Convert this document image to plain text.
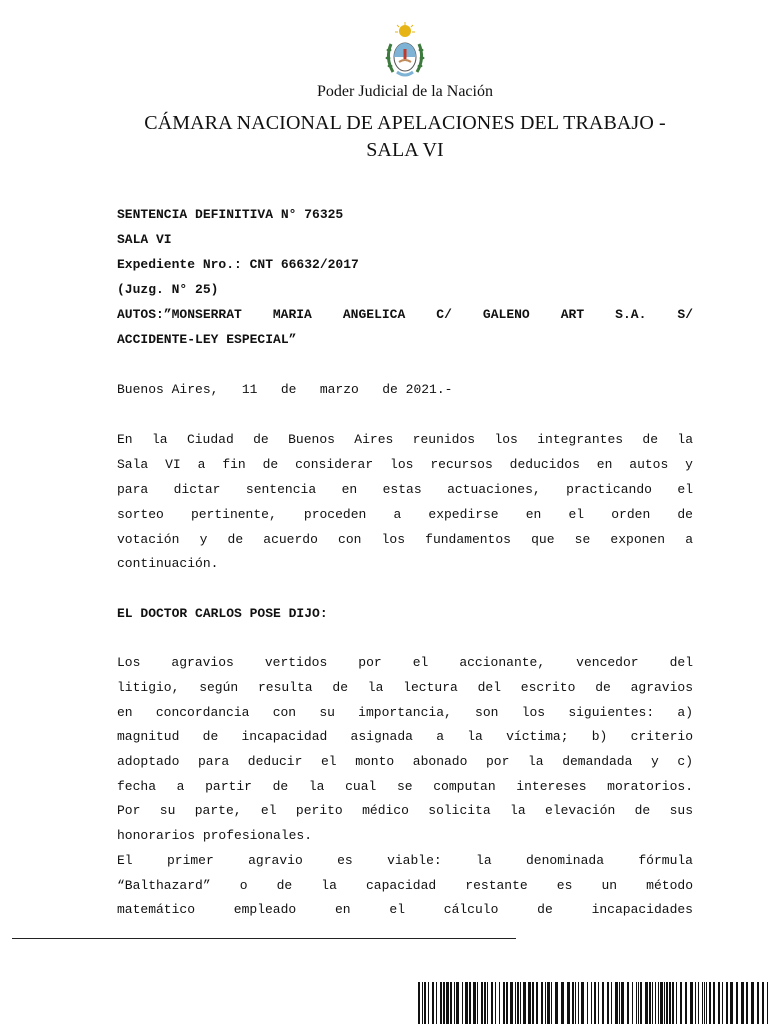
Poder Judicial de la Nación
CÁMARA NACIONAL DE APELACIONES DEL TRABAJO -
SALA VI
SENTENCIA DEFINITIVA N° 76325
SALA VI
Expediente Nro.: CNT 66632/2017
(Juzg. N° 25)
AUTOS:”MONSERRAT MARIA ANGELICA C/ GALENO ART S.A. S/
ACCIDENTE-LEY ESPECIAL”
Buenos Aires,   11   de   marzo   de 2021.-
En la Ciudad de Buenos Aires reunidos los integrantes de la
Sala VI a fin de considerar los recursos deducidos en autos y
para dictar sentencia en estas actuaciones, practicando el
sorteo pertinente, proceden a expedirse en el orden de
votación y de acuerdo con los fundamentos que se exponen a
continuación.
EL DOCTOR CARLOS POSE DIJO:
Los agravios vertidos por el accionante, vencedor del
litigio, según resulta de la lectura del escrito de agravios
en concordancia con su importancia, son los siguientes: a)
magnitud de incapacidad asignada a la víctima; b) criterio
adoptado para deducir el monto abonado por la demandada y c)
fecha a partir de la cual se computan intereses moratorios.
Por su parte, el perito médico solicita la elevación de sus
honorarios profesionales.
El primer agravio es viable: la denominada fórmula
“Balthazard” o de la capacidad restante es un método
matemático empleado en el cálculo de incapacidades
